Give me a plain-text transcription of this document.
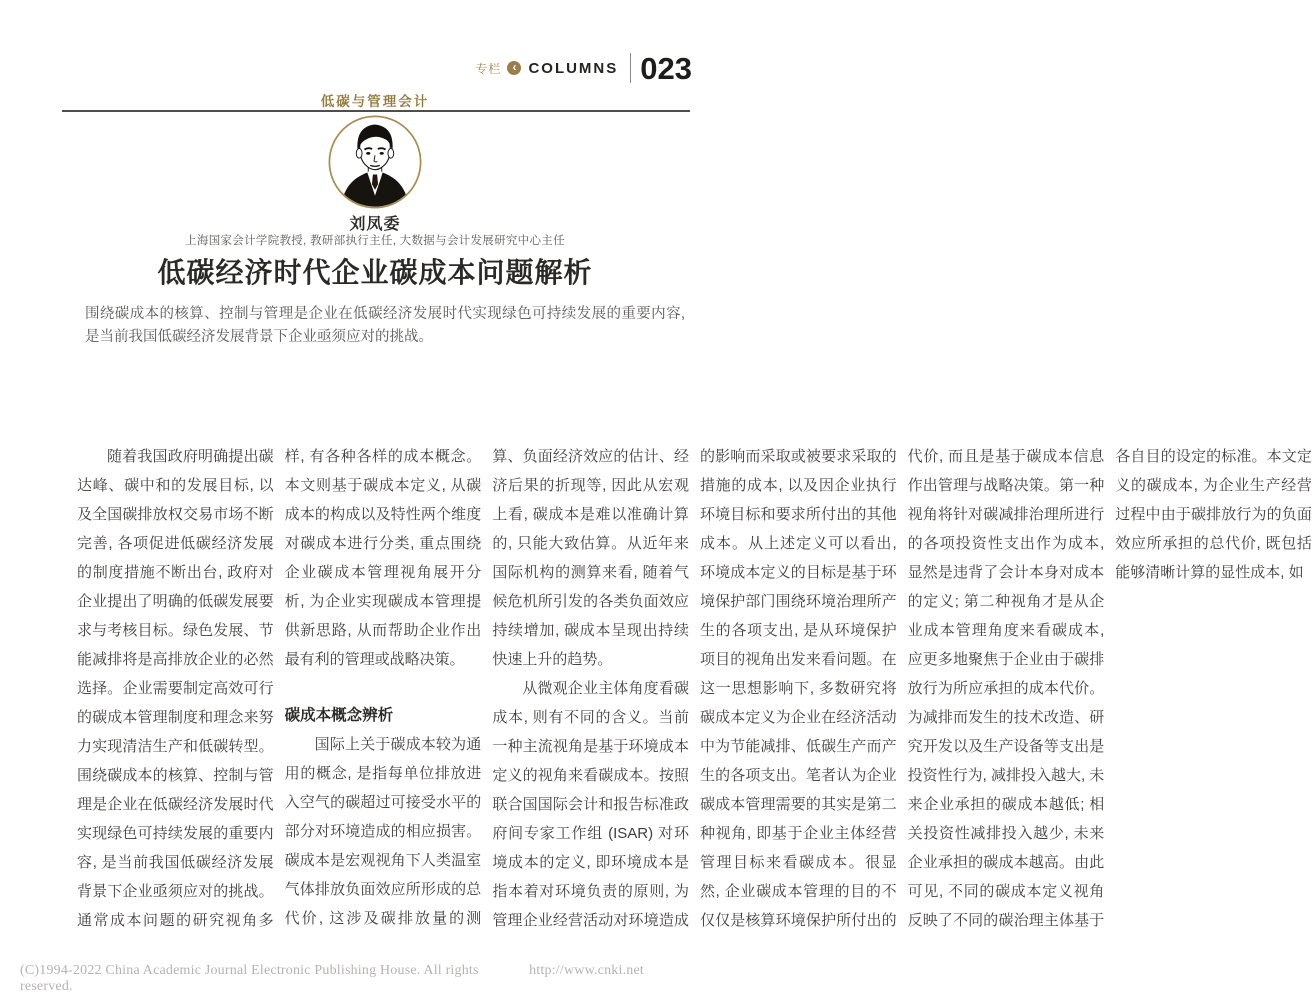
专栏 ‹ COLUMNS 023
低碳与管理会计
刘凤委
上海国家会计学院教授, 教研部执行主任, 大数据与会计发展研究中心主任
低碳经济时代企业碳成本问题解析
围绕碳成本的核算、控制与管理是企业在低碳经济发展时代实现绿色可持续发展的重要内容, 是当前我国低碳经济发展背景下企业亟须应对的挑战。

随着我国政府明确提出碳达峰、碳中和的发展目标, 以及全国碳排放权交易市场不断完善, 各项促进低碳经济发展的制度措施不断出台, 政府对企业提出了明确的低碳发展要求与考核目标。绿色发展、节能减排将是高排放企业的必然选择。企业需要制定高效可行的碳成本管理制度和理念来努力实现清洁生产和低碳转型。围绕碳成本的核算、控制与管理是企业在低碳经济发展时代实现绿色可持续发展的重要内容, 是当前我国低碳经济发展背景下企业亟须应对的挑战。通常成本问题的研究视角多样, 有各种各样的成本概念。本文则基于碳成本定义, 从碳成本的构成以及特性两个维度对碳成本进行分类, 重点围绕企业碳成本管理视角展开分析, 为企业实现碳成本管理提供新思路, 从而帮助企业作出最有利的管理或战略决策。

碳成本概念辨析

国际上关于碳成本较为通用的概念, 是指每单位排放进入空气的碳超过可接受水平的部分对环境造成的相应损害。碳成本是宏观视角下人类温室气体排放负面效应所形成的总代价, 这涉及碳排放量的测算、负面经济效应的估计、经济后果的折现等, 因此从宏观上看, 碳成本是难以准确计算的, 只能大致估算。从近年来国际机构的测算来看, 随着气候危机所引发的各类负面效应持续增加, 碳成本呈现出持续快速上升的趋势。

从微观企业主体角度看碳成本, 则有不同的含义。当前一种主流视角是基于环境成本定义的视角来看碳成本。按照联合国国际会计和报告标准政府间专家工作组 (ISAR) 对环境成本的定义, 即环境成本是指本着对环境负责的原则, 为管理企业经营活动对环境造成的影响而采取或被要求采取的措施的成本, 以及因企业执行环境目标和要求所付出的其他成本。从上述定义可以看出, 环境成本定义的目标是基于环境保护部门围绕环境治理所产生的各项支出, 是从环境保护项目的视角出发来看问题。在这一思想影响下, 多数研究将碳成本定义为企业在经济活动中为节能减排、低碳生产而产生的各项支出。笔者认为企业碳成本管理需要的其实是第二种视角, 即基于企业主体经营管理目标来看碳成本。很显然, 企业碳成本管理的目的不仅仅是核算环境保护所付出的代价, 而且是基于碳成本信息作出管理与战略决策。第一种视角将针对碳减排治理所进行的各项投资性支出作为成本, 显然是违背了会计本身对成本的定义; 第二种视角才是从企业成本管理角度来看碳成本, 应更多地聚焦于企业由于碳排放行为所应承担的成本代价。为减排而发生的技术改造、研究开发以及生产设备等支出是投资性行为, 减排投入越大, 未来企业承担的碳成本越低; 相关投资性减排投入越少, 未来企业承担的碳成本越高。由此可见, 不同的碳成本定义视角反映了不同的碳治理主体基于各自目的设定的标准。本文定义的碳成本, 为企业生产经营过程中由于碳排放行为的负面效应所承担的总代价, 既包括能够清晰计算的显性成本, 如

(C)1994-2022 China Academic Journal Electronic Publishing House. All rights reserved.
http://www.cnki.net
